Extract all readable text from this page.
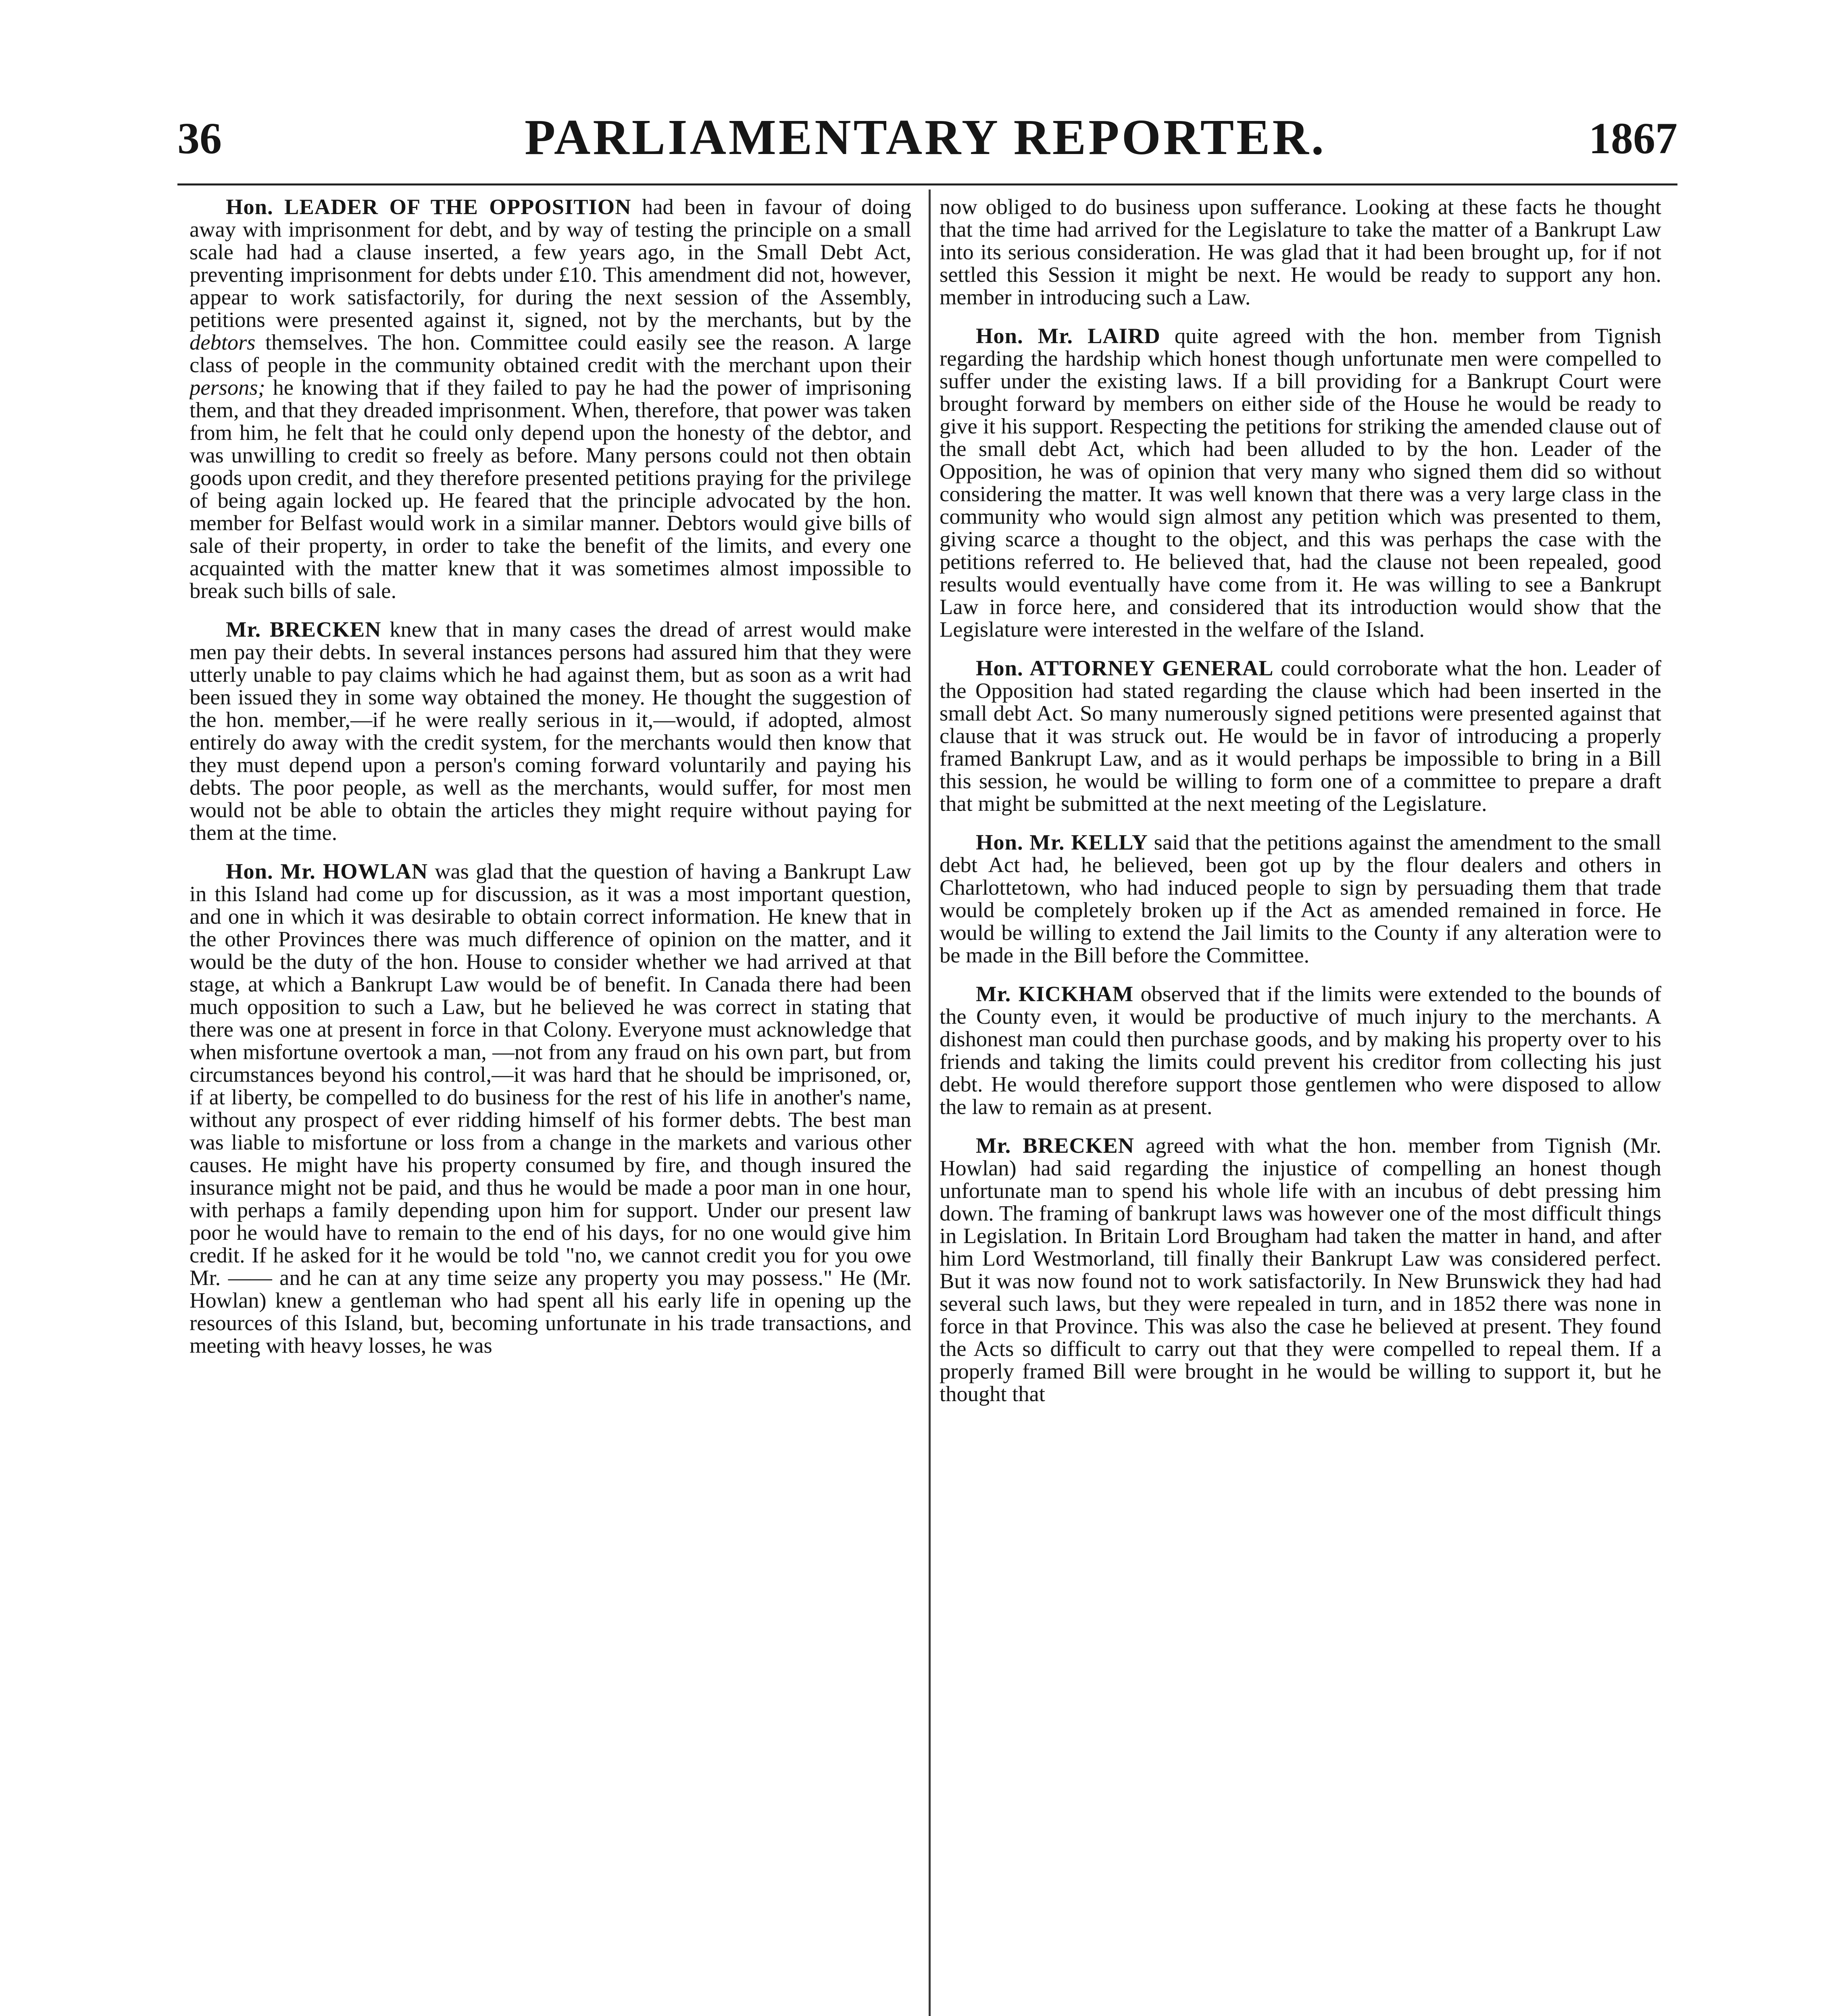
36	PARLIAMENTARY REPORTER.	1867

Hon. LEADER OF THE OPPOSITION had been in favour of doing away with imprisonment for debt, and by way of testing the principle on a small scale had had a clause inserted, a few years ago, in the Small Debt Act, preventing imprisonment for debts under £10. This amendment did not, however, appear to work satisfactorily, for during the next session of the Assembly, petitions were presented against it, signed, not by the merchants, but by the debtors themselves. The hon. Committee could easily see the reason. A large class of people in the community obtained credit with the merchant upon their persons; he knowing that if they failed to pay he had the power of imprisoning them, and that they dreaded imprisonment. When, therefore, that power was taken from him, he felt that he could only depend upon the honesty of the debtor, and was unwilling to credit so freely as before. Many persons could not then obtain goods upon credit, and they therefore presented petitions praying for the privilege of being again locked up. He feared that the principle advocated by the hon. member for Belfast would work in a similar manner. Debtors would give bills of sale of their property, in order to take the benefit of the limits, and every one acquainted with the matter knew that it was sometimes almost impossible to break such bills of sale.

Mr. BRECKEN knew that in many cases the dread of arrest would make men pay their debts. In several instances persons had assured him that they were utterly unable to pay claims which he had against them, but as soon as a writ had been issued they in some way obtained the money. He thought the suggestion of the hon. member,—if he were really serious in it,—would, if adopted, almost entirely do away with the credit system, for the merchants would then know that they must depend upon a person's coming forward voluntarily and paying his debts. The poor people, as well as the merchants, would suffer, for most men would not be able to obtain the articles they might require without paying for them at the time.

Hon. Mr. HOWLAN was glad that the question of having a Bankrupt Law in this Island had come up for discussion, as it was a most important question, and one in which it was desirable to obtain correct information. He knew that in the other Provinces there was much difference of opinion on the matter, and it would be the duty of the hon. House to consider whether we had arrived at that stage, at which a Bankrupt Law would be of benefit. In Canada there had been much opposition to such a Law, but he believed he was correct in stating that there was one at present in force in that Colony. Everyone must acknowledge that when misfortune overtook a man, —not from any fraud on his own part, but from circumstances beyond his control,—it was hard that he should be imprisoned, or, if at liberty, be compelled to do business for the rest of his life in another's name, without any prospect of ever ridding himself of his former debts. The best man was liable to misfortune or loss from a change in the markets and various other causes. He might have his property consumed by fire, and though insured the insurance might not be paid, and thus he would be made a poor man in one hour, with perhaps a family depending upon him for support. Under our present law poor he would have to remain to the end of his days, for no one would give him credit. If he asked for it he would be told "no, we cannot credit you for you owe Mr. —— and he can at any time seize any property you may possess." He (Mr. Howlan) knew a gentleman who had spent all his early life in opening up the resources of this Island, but, becoming unfortunate in his trade transactions, and meeting with heavy losses, he was

now obliged to do business upon sufferance. Looking at these facts he thought that the time had arrived for the Legislature to take the matter of a Bankrupt Law into its serious consideration. He was glad that it had been brought up, for if not settled this Session it might be next. He would be ready to support any hon. member in introducing such a Law.

Hon. Mr. LAIRD quite agreed with the hon. member from Tignish regarding the hardship which honest though unfortunate men were compelled to suffer under the existing laws. If a bill providing for a Bankrupt Court were brought forward by members on either side of the House he would be ready to give it his support. Respecting the petitions for striking the amended clause out of the small debt Act, which had been alluded to by the hon. Leader of the Opposition, he was of opinion that very many who signed them did so without considering the matter. It was well known that there was a very large class in the community who would sign almost any petition which was presented to them, giving scarce a thought to the object, and this was perhaps the case with the petitions referred to. He believed that, had the clause not been repealed, good results would eventually have come from it. He was willing to see a Bankrupt Law in force here, and considered that its introduction would show that the Legislature were interested in the welfare of the Island.

Hon. ATTORNEY GENERAL could corroborate what the hon. Leader of the Opposition had stated regarding the clause which had been inserted in the small debt Act. So many numerously signed petitions were presented against that clause that it was struck out. He would be in favor of introducing a properly framed Bankrupt Law, and as it would perhaps be impossible to bring in a Bill this session, he would be willing to form one of a committee to prepare a draft that might be submitted at the next meeting of the Legislature.

Hon. Mr. KELLY said that the petitions against the amendment to the small debt Act had, he believed, been got up by the flour dealers and others in Charlottetown, who had induced people to sign by persuading them that trade would be completely broken up if the Act as amended remained in force. He would be willing to extend the Jail limits to the County if any alteration were to be made in the Bill before the Committee.

Mr. KICKHAM observed that if the limits were extended to the bounds of the County even, it would be productive of much injury to the merchants. A dishonest man could then purchase goods, and by making his property over to his friends and taking the limits could prevent his creditor from collecting his just debt. He would therefore support those gentlemen who were disposed to allow the law to remain as at present.

Mr. BRECKEN agreed with what the hon. member from Tignish (Mr. Howlan) had said regarding the injustice of compelling an honest though unfortunate man to spend his whole life with an incubus of debt pressing him down. The framing of bankrupt laws was however one of the most difficult things in Legislation. In Britain Lord Brougham had taken the matter in hand, and after him Lord Westmorland, till finally their Bankrupt Law was considered perfect. But it was now found not to work satisfactorily. In New Brunswick they had had several such laws, but they were repealed in turn, and in 1852 there was none in force in that Province. This was also the case he believed at present. They found the Acts so difficult to carry out that they were compelled to repeal them. If a properly framed Bill were brought in he would be willing to support it, but he thought that
